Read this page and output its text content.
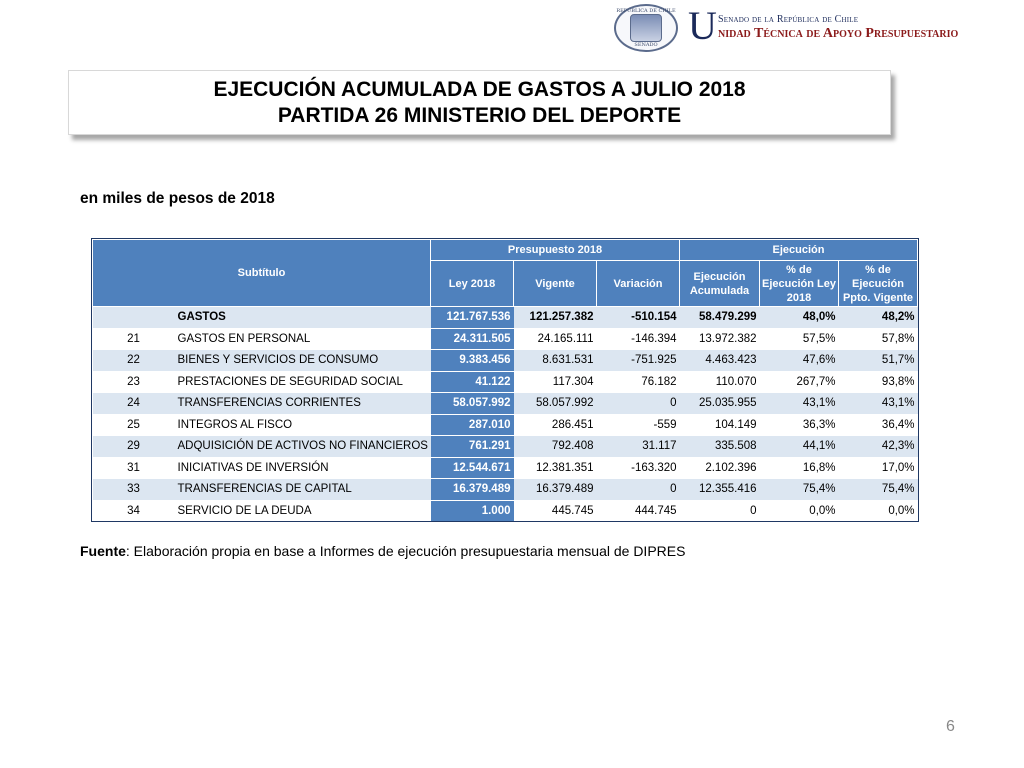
REPÚBLICA DE CHILE
SENADO U Senado de la República de Chile
nidad Técnica de Apoyo Presupuestario
EJECUCIÓN ACUMULADA DE GASTOS A JULIO 2018
PARTIDA 26 MINISTERIO DEL DEPORTE
en miles de pesos de 2018
Subtítulo		Presupuesto 2018			Ejecución		
		Ley 2018	Vigente	Variación	Ejecución Acumulada	% de Ejecución Ley 2018	% de Ejecución Ppto. Vigente
	GASTOS	121.767.536	121.257.382	-510.154	58.479.299	48,0%	48,2%
21	GASTOS EN PERSONAL	24.311.505	24.165.111	-146.394	13.972.382	57,5%	57,8%
22	BIENES Y SERVICIOS DE CONSUMO	9.383.456	8.631.531	-751.925	4.463.423	47,6%	51,7%
23	PRESTACIONES DE SEGURIDAD SOCIAL	41.122	117.304	76.182	110.070	267,7%	93,8%
24	TRANSFERENCIAS CORRIENTES	58.057.992	58.057.992	0	25.035.955	43,1%	43,1%
25	INTEGROS AL FISCO	287.010	286.451	-559	104.149	36,3%	36,4%
29	ADQUISICIÓN DE ACTIVOS NO FINANCIEROS	761.291	792.408	31.117	335.508	44,1%	42,3%
31	INICIATIVAS DE INVERSIÓN	12.544.671	12.381.351	-163.320	2.102.396	16,8%	17,0%
33	TRANSFERENCIAS DE CAPITAL	16.379.489	16.379.489	0	12.355.416	75,4%	75,4%
34	SERVICIO DE LA DEUDA	1.000	445.745	444.745	0	0,0%	0,0%
Fuente: Elaboración propia en base a Informes de ejecución presupuestaria mensual de DIPRES
6
